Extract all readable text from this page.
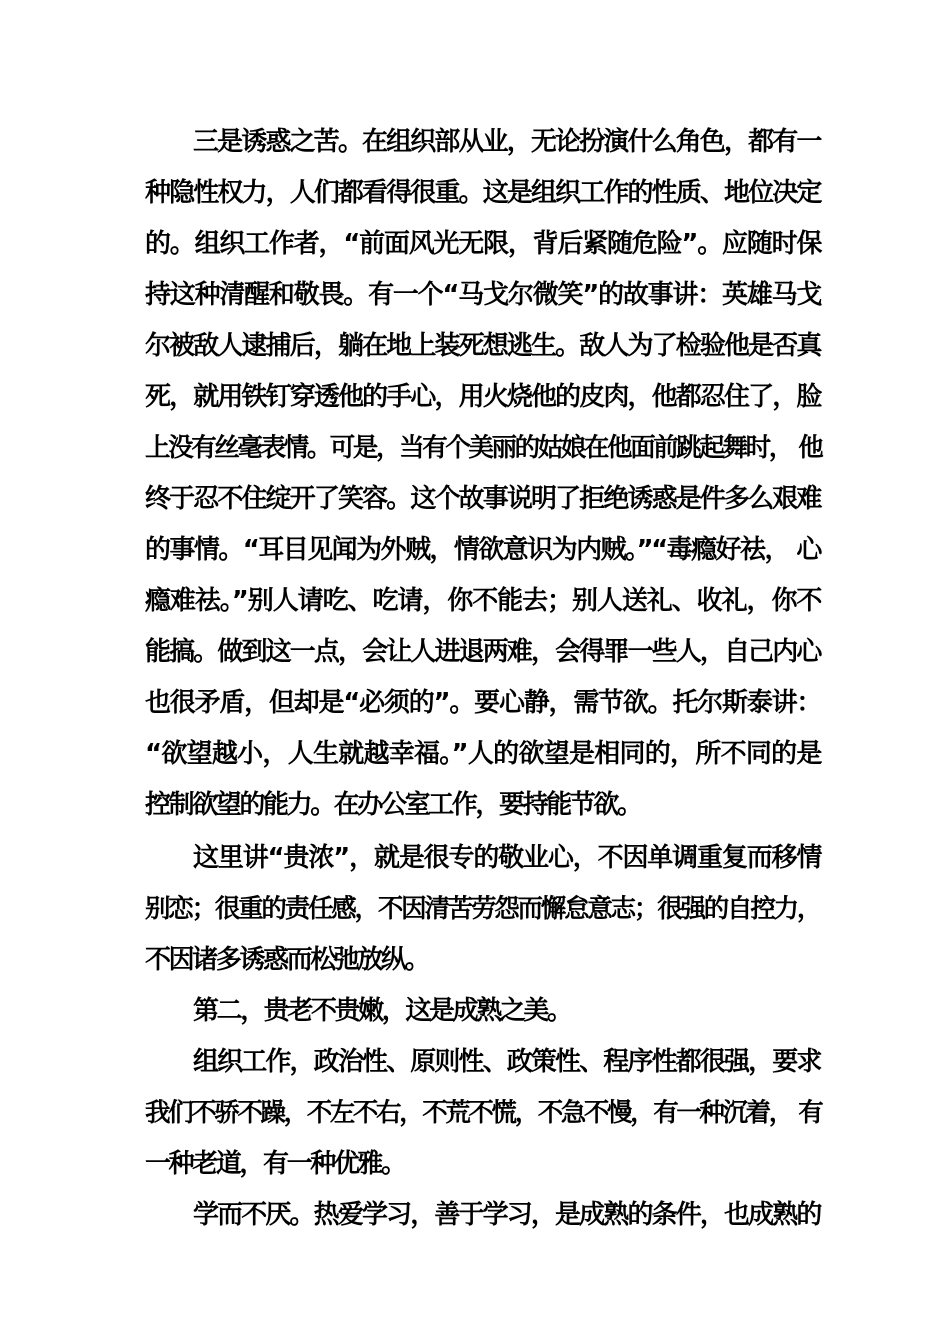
三是诱惑之苦。在组织部从业，无论扮演什么角色，都有一
种隐性权力，人们都看得很重。这是组织工作的性质、地位决定
的。组织工作者，“前面风光无限，背后紧随危险”。应随时保
持这种清醒和敬畏。有一个“马戈尔微笑”的故事讲：英雄马戈
尔被敌人逮捕后，躺在地上装死想逃生。敌人为了检验他是否真
死，就用铁钉穿透他的手心，用火烧他的皮肉，他都忍住了，脸
上没有丝毫表情。可是，当有个美丽的姑娘在他面前跳起舞时， 他
终于忍不住绽开了笑容。这个故事说明了拒绝诱惑是件多么艰难
的事情。“耳目见闻为外贼，情欲意识为内贼。”“毒瘾好祛， 心
瘾难祛。”别人请吃、吃请，你不能去；别人送礼、收礼，你不
能搞。做到这一点，会让人进退两难，会得罪一些人，自己内心
也很矛盾，但却是“必须的”。要心静，需节欲。托尔斯泰讲：
“欲望越小，人生就越幸福。”人的欲望是相同的，所不同的是
控制欲望的能力。在办公室工作，要持能节欲。
这里讲“贵浓”，就是很专的敬业心，不因单调重复而移情
别恋；很重的责任感，不因清苦劳怨而懈怠意志；很强的自控力，
不因诸多诱惑而松弛放纵。
第二，贵老不贵嫩，这是成熟之美。
组织工作，政治性、原则性、政策性、程序性都很强，要求
我们不骄不躁，不左不右，不荒不慌，不急不慢，有一种沉着， 有
一种老道，有一种优雅。
学而不厌。热爱学习，善于学习，是成熟的条件，也成熟的
